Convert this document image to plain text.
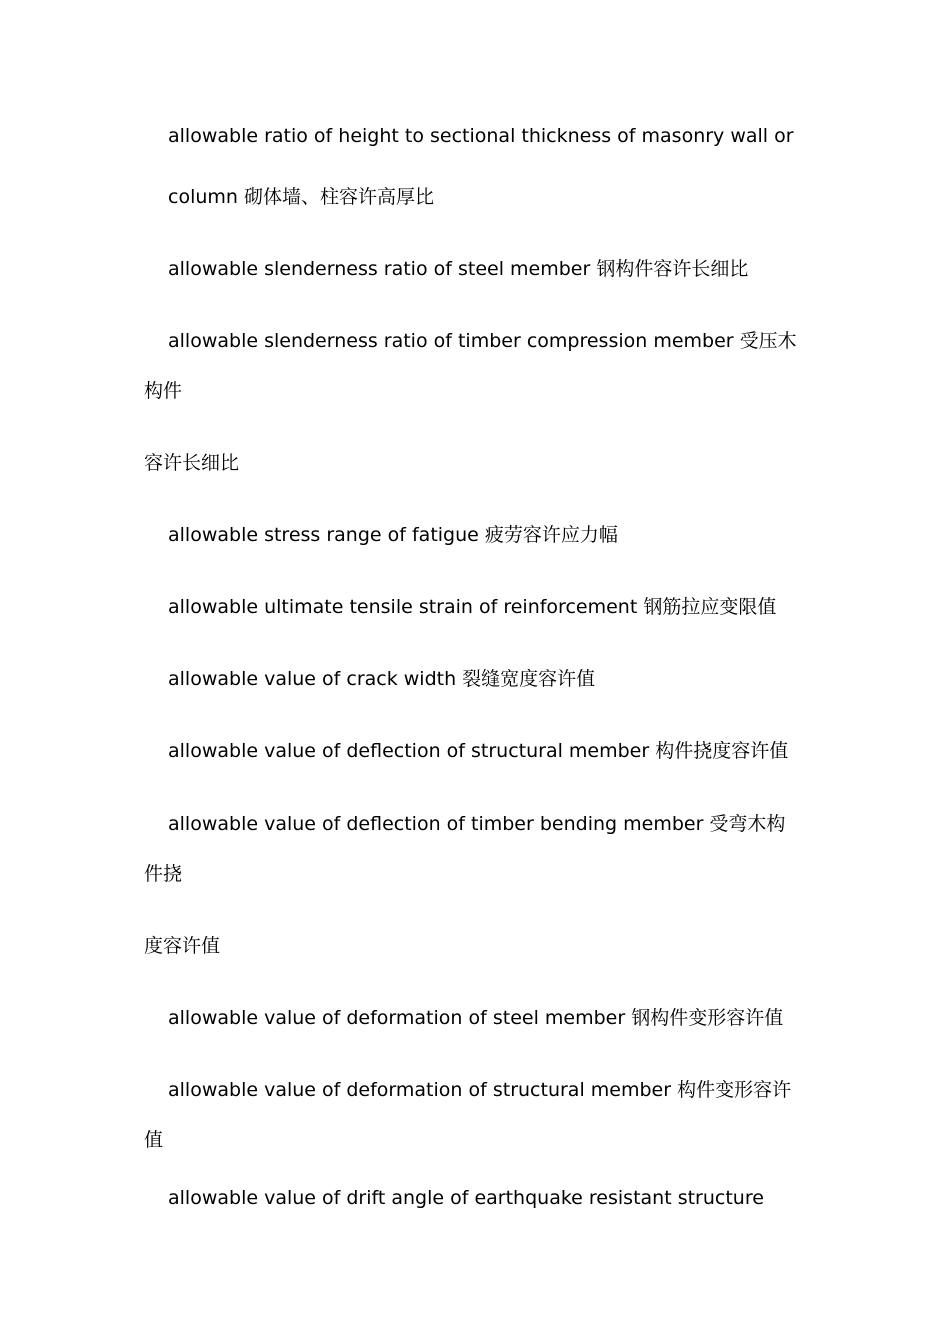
allowable ratio of height to sectional thickness of masonry wall or
column 砌体墙、柱容许高厚比
allowable slenderness ratio of steel member 钢构件容许长细比
allowable slenderness ratio of timber compression member 受压木
构件
容许长细比
allowable stress range of fatigue 疲劳容许应力幅
allowable ultimate tensile strain of reinforcement 钢筋拉应变限值
allowable value of crack width 裂缝宽度容许值
allowable value of deflection of structural member 构件挠度容许值
allowable value of deflection of timber bending member 受弯木构
件挠
度容许值
allowable value of deformation of steel member 钢构件变形容许值
allowable value of deformation of structural member 构件变形容许
值
allowable value of drift angle of earthquake resistant structure
